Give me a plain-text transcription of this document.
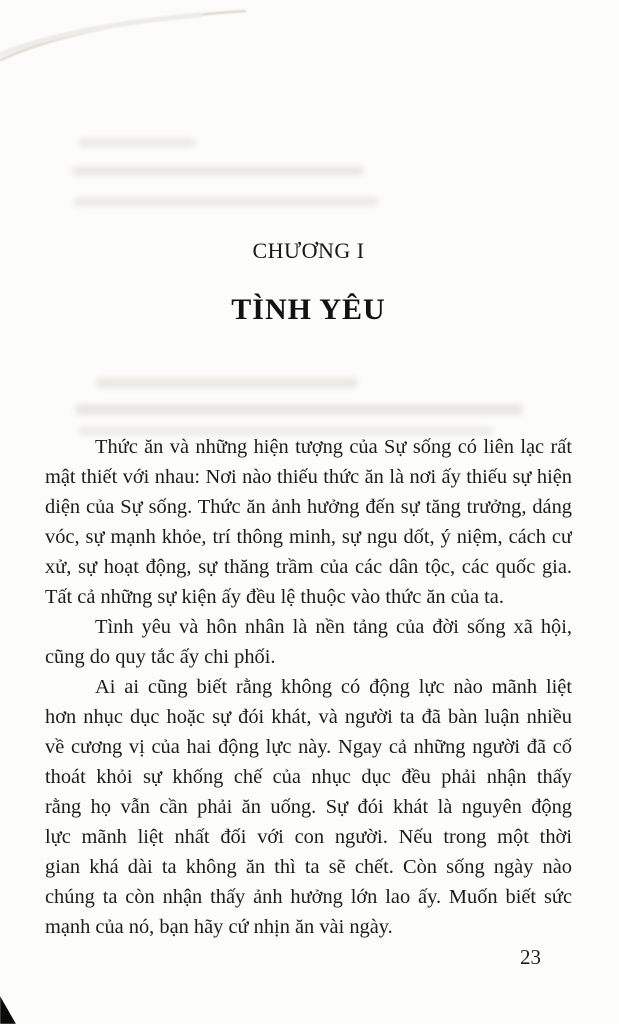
CHƯƠNG I
TÌNH YÊU
Thức ăn và những hiện tượng của Sự sống có liên lạc rất
mật thiết với nhau: Nơi nào thiếu thức ăn là nơi ấy thiếu sự hiện
diện của Sự sống. Thức ăn ảnh hưởng đến sự tăng trưởng, dáng
vóc, sự mạnh khỏe, trí thông minh, sự ngu dốt, ý niệm, cách cư
xử, sự hoạt động, sự thăng trầm của các dân tộc, các quốc gia.
Tất cả những sự kiện ấy đều lệ thuộc vào thức ăn của ta.
Tình yêu và hôn nhân là nền tảng của đời sống xã hội,
cũng do quy tắc ấy chi phối.
Ai ai cũng biết rằng không có động lực nào mãnh liệt
hơn nhục dục hoặc sự đói khát, và người ta đã bàn luận nhiều
về cương vị của hai động lực này. Ngay cả những người đã cố
thoát khỏi sự khống chế của nhục dục đều phải nhận thấy
rằng họ vẫn cần phải ăn uống. Sự đói khát là nguyên động
lực mãnh liệt nhất đối với con người. Nếu trong một thời
gian khá dài ta không ăn thì ta sẽ chết. Còn sống ngày nào
chúng ta còn nhận thấy ảnh hưởng lớn lao ấy. Muốn biết sức
mạnh của nó, bạn hãy cứ nhịn ăn vài ngày.
23
